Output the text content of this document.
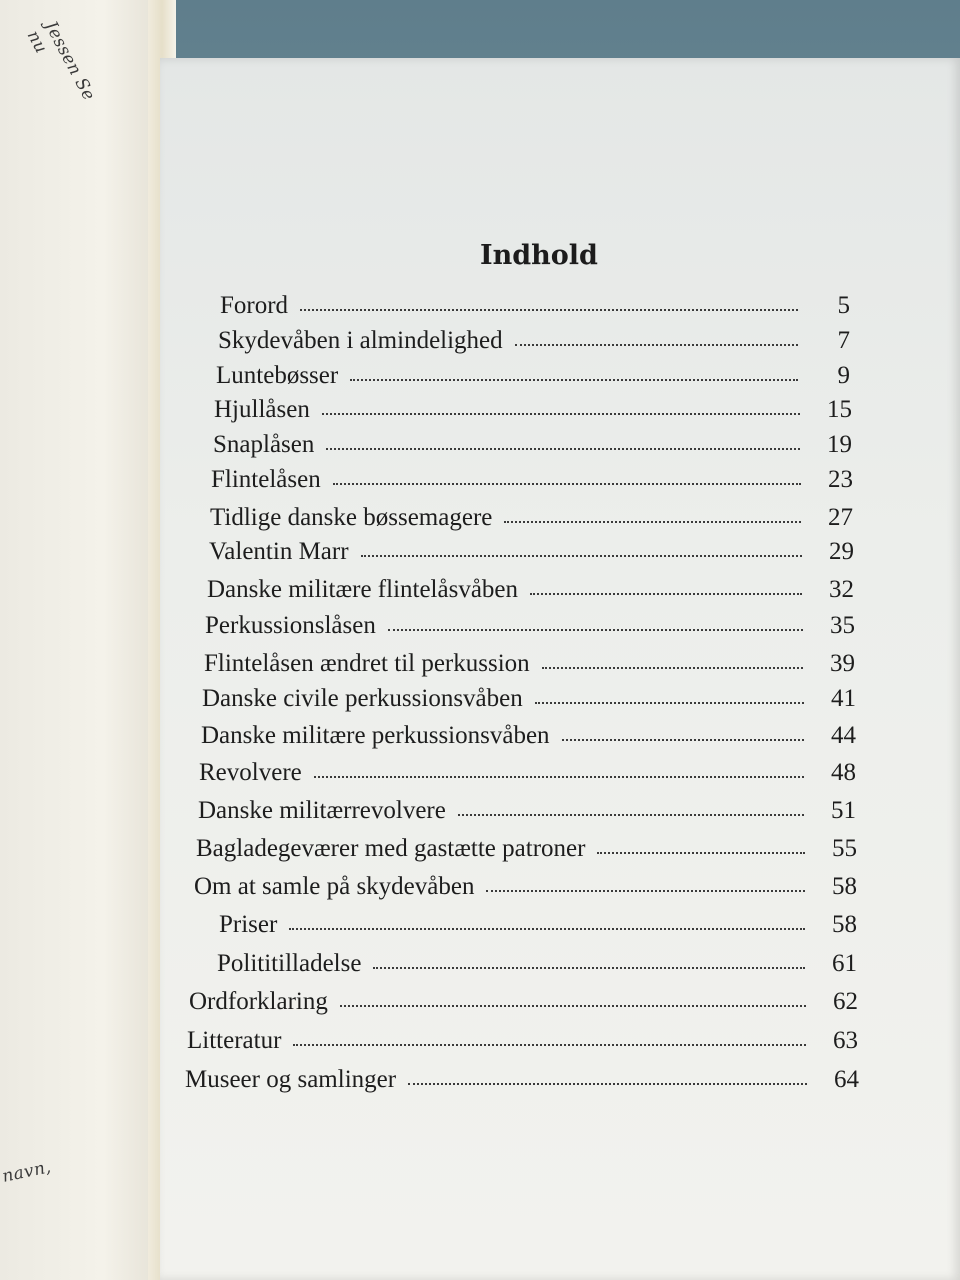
Jessen Se nu
navn,
Indhold
Forord	5
Skydevåben i almindelighed	7
Luntebøsser	9
Hjullåsen	15
Snaplåsen	19
Flintelåsen	23
Tidlige danske bøssemagere	27
Valentin Marr	29
Danske militære flintelåsvåben	32
Perkussionslåsen	35
Flintelåsen ændret til perkussion	39
Danske civile perkussionsvåben	41
Danske militære perkussionsvåben	44
Revolvere	48
Danske militærrevolvere	51
Bagladegeværer med gastætte patroner	55
Om at samle på skydevåben	58
Priser	58
Polititilladelse	61
Ordforklaring	62
Litteratur	63
Museer og samlinger	64
